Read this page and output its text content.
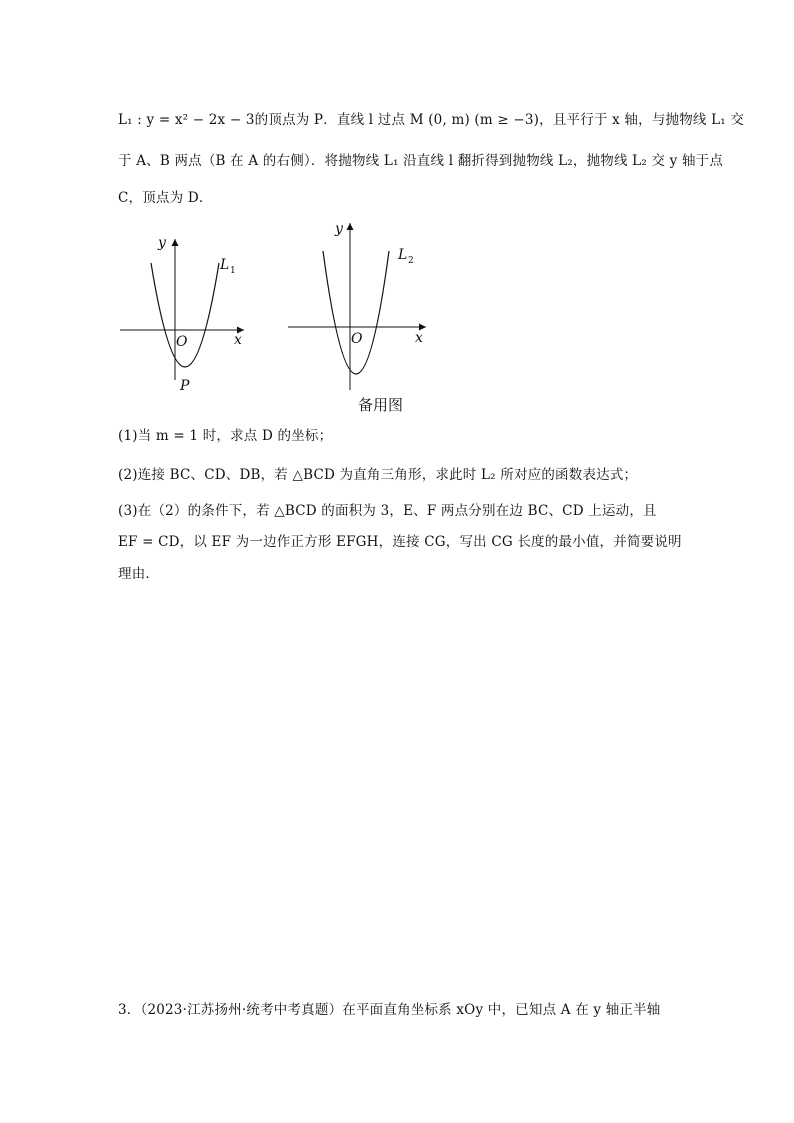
L₁ : y = x² − 2x − 3的顶点为 P．直线 l 过点 M (0, m) (m ≥ −3)，且平行于 x 轴，与抛物线 L₁ 交
于 A、B 两点（B 在 A 的右侧）．将抛物线 L₁ 沿直线 l 翻折得到抛物线 L₂，抛物线 L₂ 交 y 轴于点
C，顶点为 D．
y
x
O
L 1
P
y
x
O
L 2
备用图
(1)当 m = 1 时，求点 D 的坐标；
(2)连接 BC、CD、DB，若 △BCD 为直角三角形，求此时 L₂ 所对应的函数表达式；
(3)在（2）的条件下，若 △BCD 的面积为 3，E、F 两点分别在边 BC、CD 上运动，且
EF = CD，以 EF 为一边作正方形 EFGH，连接 CG，写出 CG 长度的最小值，并简要说明
理由．
3．（2023·江苏扬州·统考中考真题）在平面直角坐标系 xOy 中，已知点 A 在 y 轴正半轴
